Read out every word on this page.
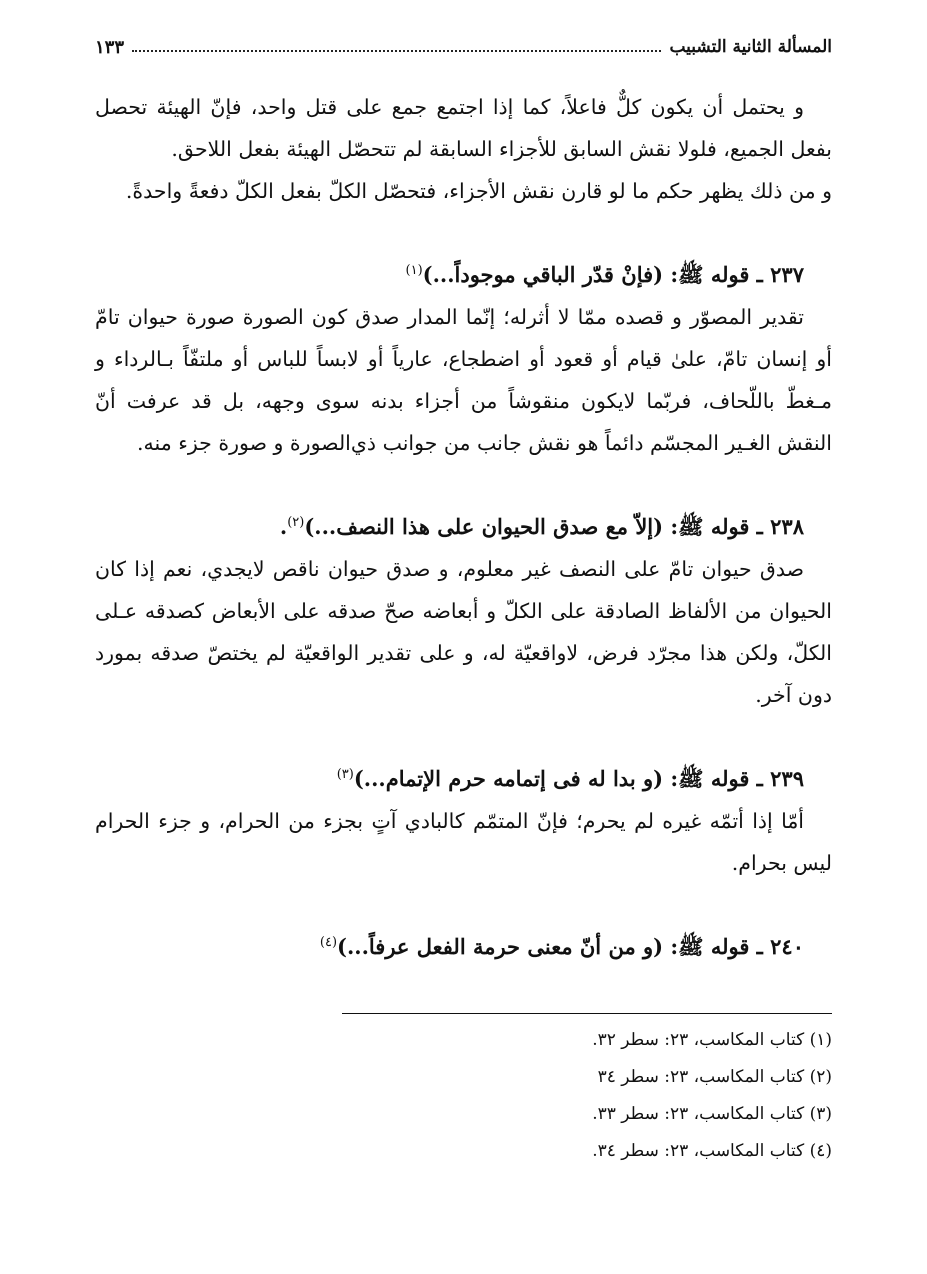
المسألة الثانية التشبيب
١٣٣

و يحتمل أن يكون كلٌّ فاعلاً، كما إذا اجتمع جمع على قتل واحد، فإنّ الهيئة تحصل بفعل الجميع، فلولا نقش السابق للأجزاء السابقة لم تتحصّل الهيئة بفعل اللاحق.

و من ذلك يظهر حكم ما لو قارن نقش الأجزاء، فتحصّل الكلّ بفعل الكلّ دفعةً واحدةً.

٢٣٧ ـ قوله ﷺ: (فإنْ قدّر الباقي موجوداً...)$^{(١)}$

تقدير المصوّر و قصده ممّا لا أثرله؛ إنّما المدار صدق كون الصورة صورة حيوان تامّ أو إنسان تامّ، علىٰ قيام أو قعود أو اضطجاع، عارياً أو لابساً للباس أو ملتفّاً بـالرداء و مـغطّ باللّحاف، فربّما لايكون منقوشاً من أجزاء بدنه سوى وجهه، بل قد عرفت أنّ النقش الغـير المجسّم دائماً هو نقش جانب من جوانب ذي‌الصورة و صورة جزء منه.

٢٣٨ ـ قوله ﷺ: (إلاّ مع صدق الحيوان على هذا النصف...)$^{(٢)}$.

صدق حيوان تامّ على النصف غير معلوم، و صدق حيوان ناقص لايجدي، نعم إذا كان الحيوان من الألفاظ الصادقة على الكلّ و أبعاضه صحّ صدقه على الأبعاض كصدقه عـلى الكلّ، ولكن هذا مجرّد فرض، لاواقعيّة له، و على تقدير الواقعيّة لم يختصّ صدقه بمورد دون آخر.

٢٣٩ ـ قوله ﷺ: (و بدا له فى إتمامه حرم الإتمام...)$^{(٣)}$

أمّا إذا أتمّه غيره لم يحرم؛ فإنّ المتمّم كالبادي آتٍ بجزء من الحرام، و جزء الحرام ليس بحرام.

٢٤٠ ـ قوله ﷺ: (و من أنّ معنى حرمة الفعل عرفاً...)$^{(٤)}$

(١) كتاب المكاسب، ٢٣: سطر ٣٢.

(٢) كتاب المكاسب، ٢٣: سطر ٣٤

(٣) كتاب المكاسب، ٢٣: سطر ٣٣.

(٤) كتاب المكاسب، ٢٣: سطر ٣٤.
